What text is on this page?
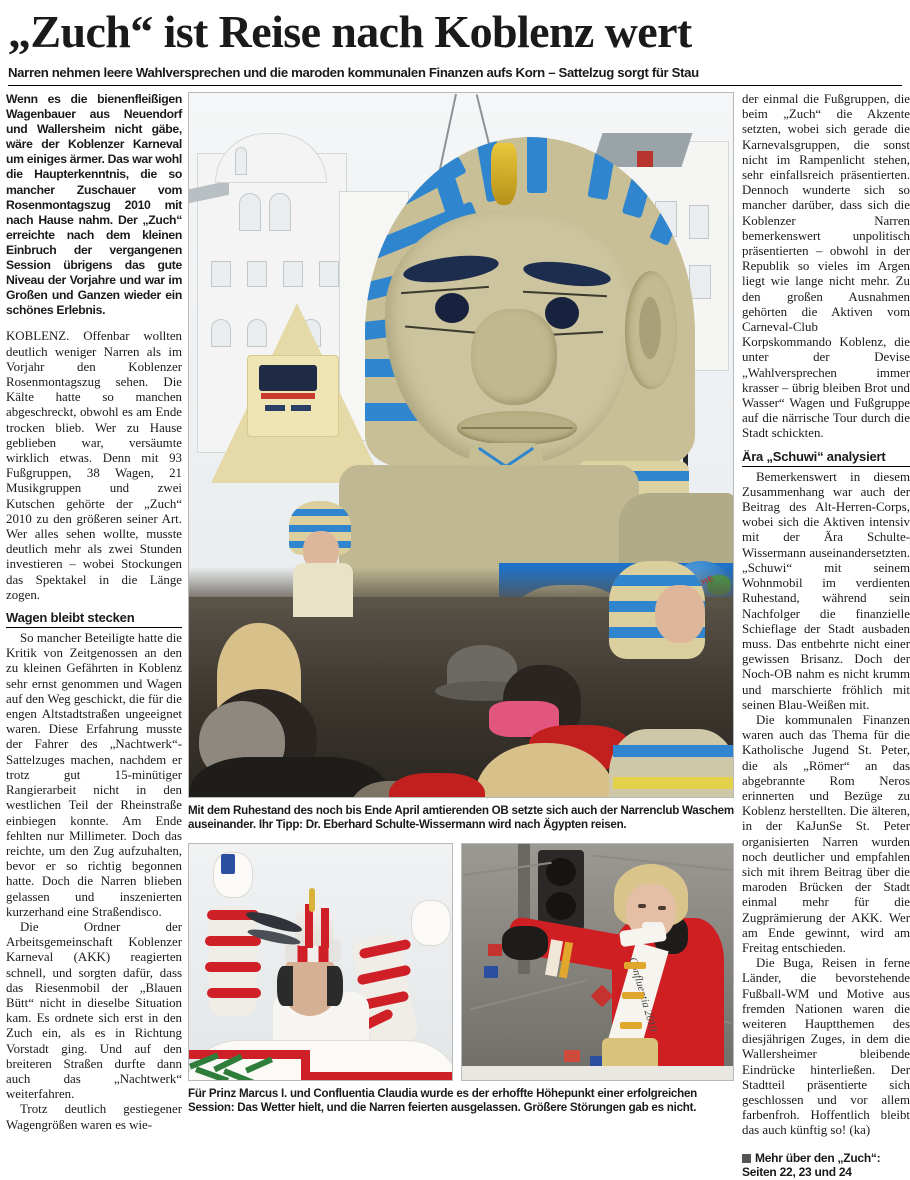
„Zuch“ ist Reise nach Koblenz wert
Narren nehmen leere Wahlversprechen und die maroden kommunalen Finanzen aufs Korn – Sattelzug sorgt für Stau
Wenn es die bienenfleißigen Wagenbauer aus Neuendorf und Wallersheim nicht gäbe, wäre der Koblenzer Karneval um einiges ärmer. Das war wohl die Haupterkenntnis, die so mancher Zuschauer vom Rosenmontagszug 2010 mit nach Hause nahm. Der „Zuch“ erreichte nach dem kleinen Einbruch der vergangenen Session übrigens das gute Niveau der Vorjahre und war im Großen und Ganzen wieder ein schönes Erlebnis.

KOBLENZ. Offenbar wollten deutlich weniger Narren als im Vorjahr den Koblenzer Rosenmontagszug sehen. Die Kälte hatte so manchen abgeschreckt, obwohl es am Ende trocken blieb. Wer zu Hause geblieben war, versäumte wirklich etwas. Denn mit 93 Fußgruppen, 38 Wagen, 21 Musikgruppen und zwei Kutschen gehörte der „Zuch“ 2010 zu den größeren seiner Art. Wer alles sehen wollte, musste deutlich mehr als zwei Stunden investieren – wobei Stockungen das Spektakel in die Länge zogen.

Wagen bleibt stecken

So mancher Beteiligte hatte die Kritik von Zeitgenossen an den zu kleinen Gefährten in Koblenz sehr ernst genommen und Wagen auf den Weg geschickt, die für die engen Altstadtstraßen ungeeignet waren. Diese Erfahrung musste der Fahrer des „Nachtwerk“-Sattelzuges machen, nachdem er trotz gut 15-minütiger Rangierarbeit nicht in den westlichen Teil der Rheinstraße einbiegen konnte. Am Ende fehlten nur Millimeter. Doch das reichte, um den Zug aufzuhalten, bevor er so richtig begonnen hatte. Doch die Narren blieben gelassen und inszenierten kurzerhand eine Straßendisco.

Die Ordner der Arbeitsgemeinschaft Koblenzer Karneval (AKK) reagierten schnell, und sorgten dafür, dass das Riesenmobil der „Blauen Bütt“ nicht in dieselbe Situation kam. Es ordnete sich erst in den Zuch ein, als es in Richtung Vorstadt ging. Und auf den breiteren Straßen durfte dann auch das „Nachtwerk“ weiterfahren.

Trotz deutlich gestiegener Wagengrößen waren es wie-

Mit dem Ruhestand des noch bis Ende April amtierenden OB setzte sich auch der Narrenclub Waschem auseinander. Ihr Tipp: Dr. Eberhard Schulte-Wissermann wird nach Ägypten reisen.
Confluentia 2010
Für Prinz Marcus I. und Confluentia Claudia wurde es der erhoffte Höhepunkt einer erfolgreichen Session: Das Wetter hielt, und die Narren feierten ausgelassen. Größere Störungen gab es nicht.

der einmal die Fußgruppen, die beim „Zuch“ die Akzente setzten, wobei sich gerade die Karnevalsgruppen, die sonst nicht im Rampenlicht stehen, sehr einfallsreich präsentierten. Dennoch wunderte sich so mancher darüber, dass sich die Koblenzer Narren bemerkenswert unpolitisch präsentierten – obwohl in der Republik so vieles im Argen liegt wie lange nicht mehr. Zu den großen Ausnahmen gehörten die Aktiven vom Carneval-Club Korpskommando Koblenz, die unter der Devise „Wahlversprechen immer krasser – übrig bleiben Brot und Wasser“ Wagen und Fußgruppe auf die närrische Tour durch die Stadt schickten.

Ära „Schuwi“ analysiert

Bemerkenswert in diesem Zusammenhang war auch der Beitrag des Alt-Herren-Corps, wobei sich die Aktiven intensiv mit der Ära Schulte-Wissermann auseinandersetzten. „Schuwi“ mit seinem Wohnmobil im verdienten Ruhestand, während sein Nachfolger die finanzielle Schieflage der Stadt ausbaden muss. Das entbehrte nicht einer gewissen Brisanz. Doch der Noch-OB nahm es nicht krumm und marschierte fröhlich mit seinen Blau-Weißen mit.

Die kommunalen Finanzen waren auch das Thema für die Katholische Jugend St. Peter, die als „Römer“ an das abgebrannte Rom Neros erinnerten und Bezüge zu Koblenz herstellten. Die älteren, in der KaJunSe St. Peter organisierten Narren wurden noch deutlicher und empfahlen sich mit ihrem Beitrag über die maroden Brücken der Stadt einmal mehr für die Zugprämierung der AKK. Wer am Ende gewinnt, wird am Freitag entschieden.

Die Buga, Reisen in ferne Länder, die bevorstehende Fußball-WM und Motive aus fremden Nationen waren die weiteren Hauptthemen des diesjährigen Zuges, in dem die Wallersheimer bleibende Eindrücke hinterließen. Der Stadtteil präsentierte sich geschlossen und vor allem farbenfroh. Hoffentlich bleibt das auch künftig so! (ka)

Mehr über den „Zuch“: Seiten 22, 23 und 24
